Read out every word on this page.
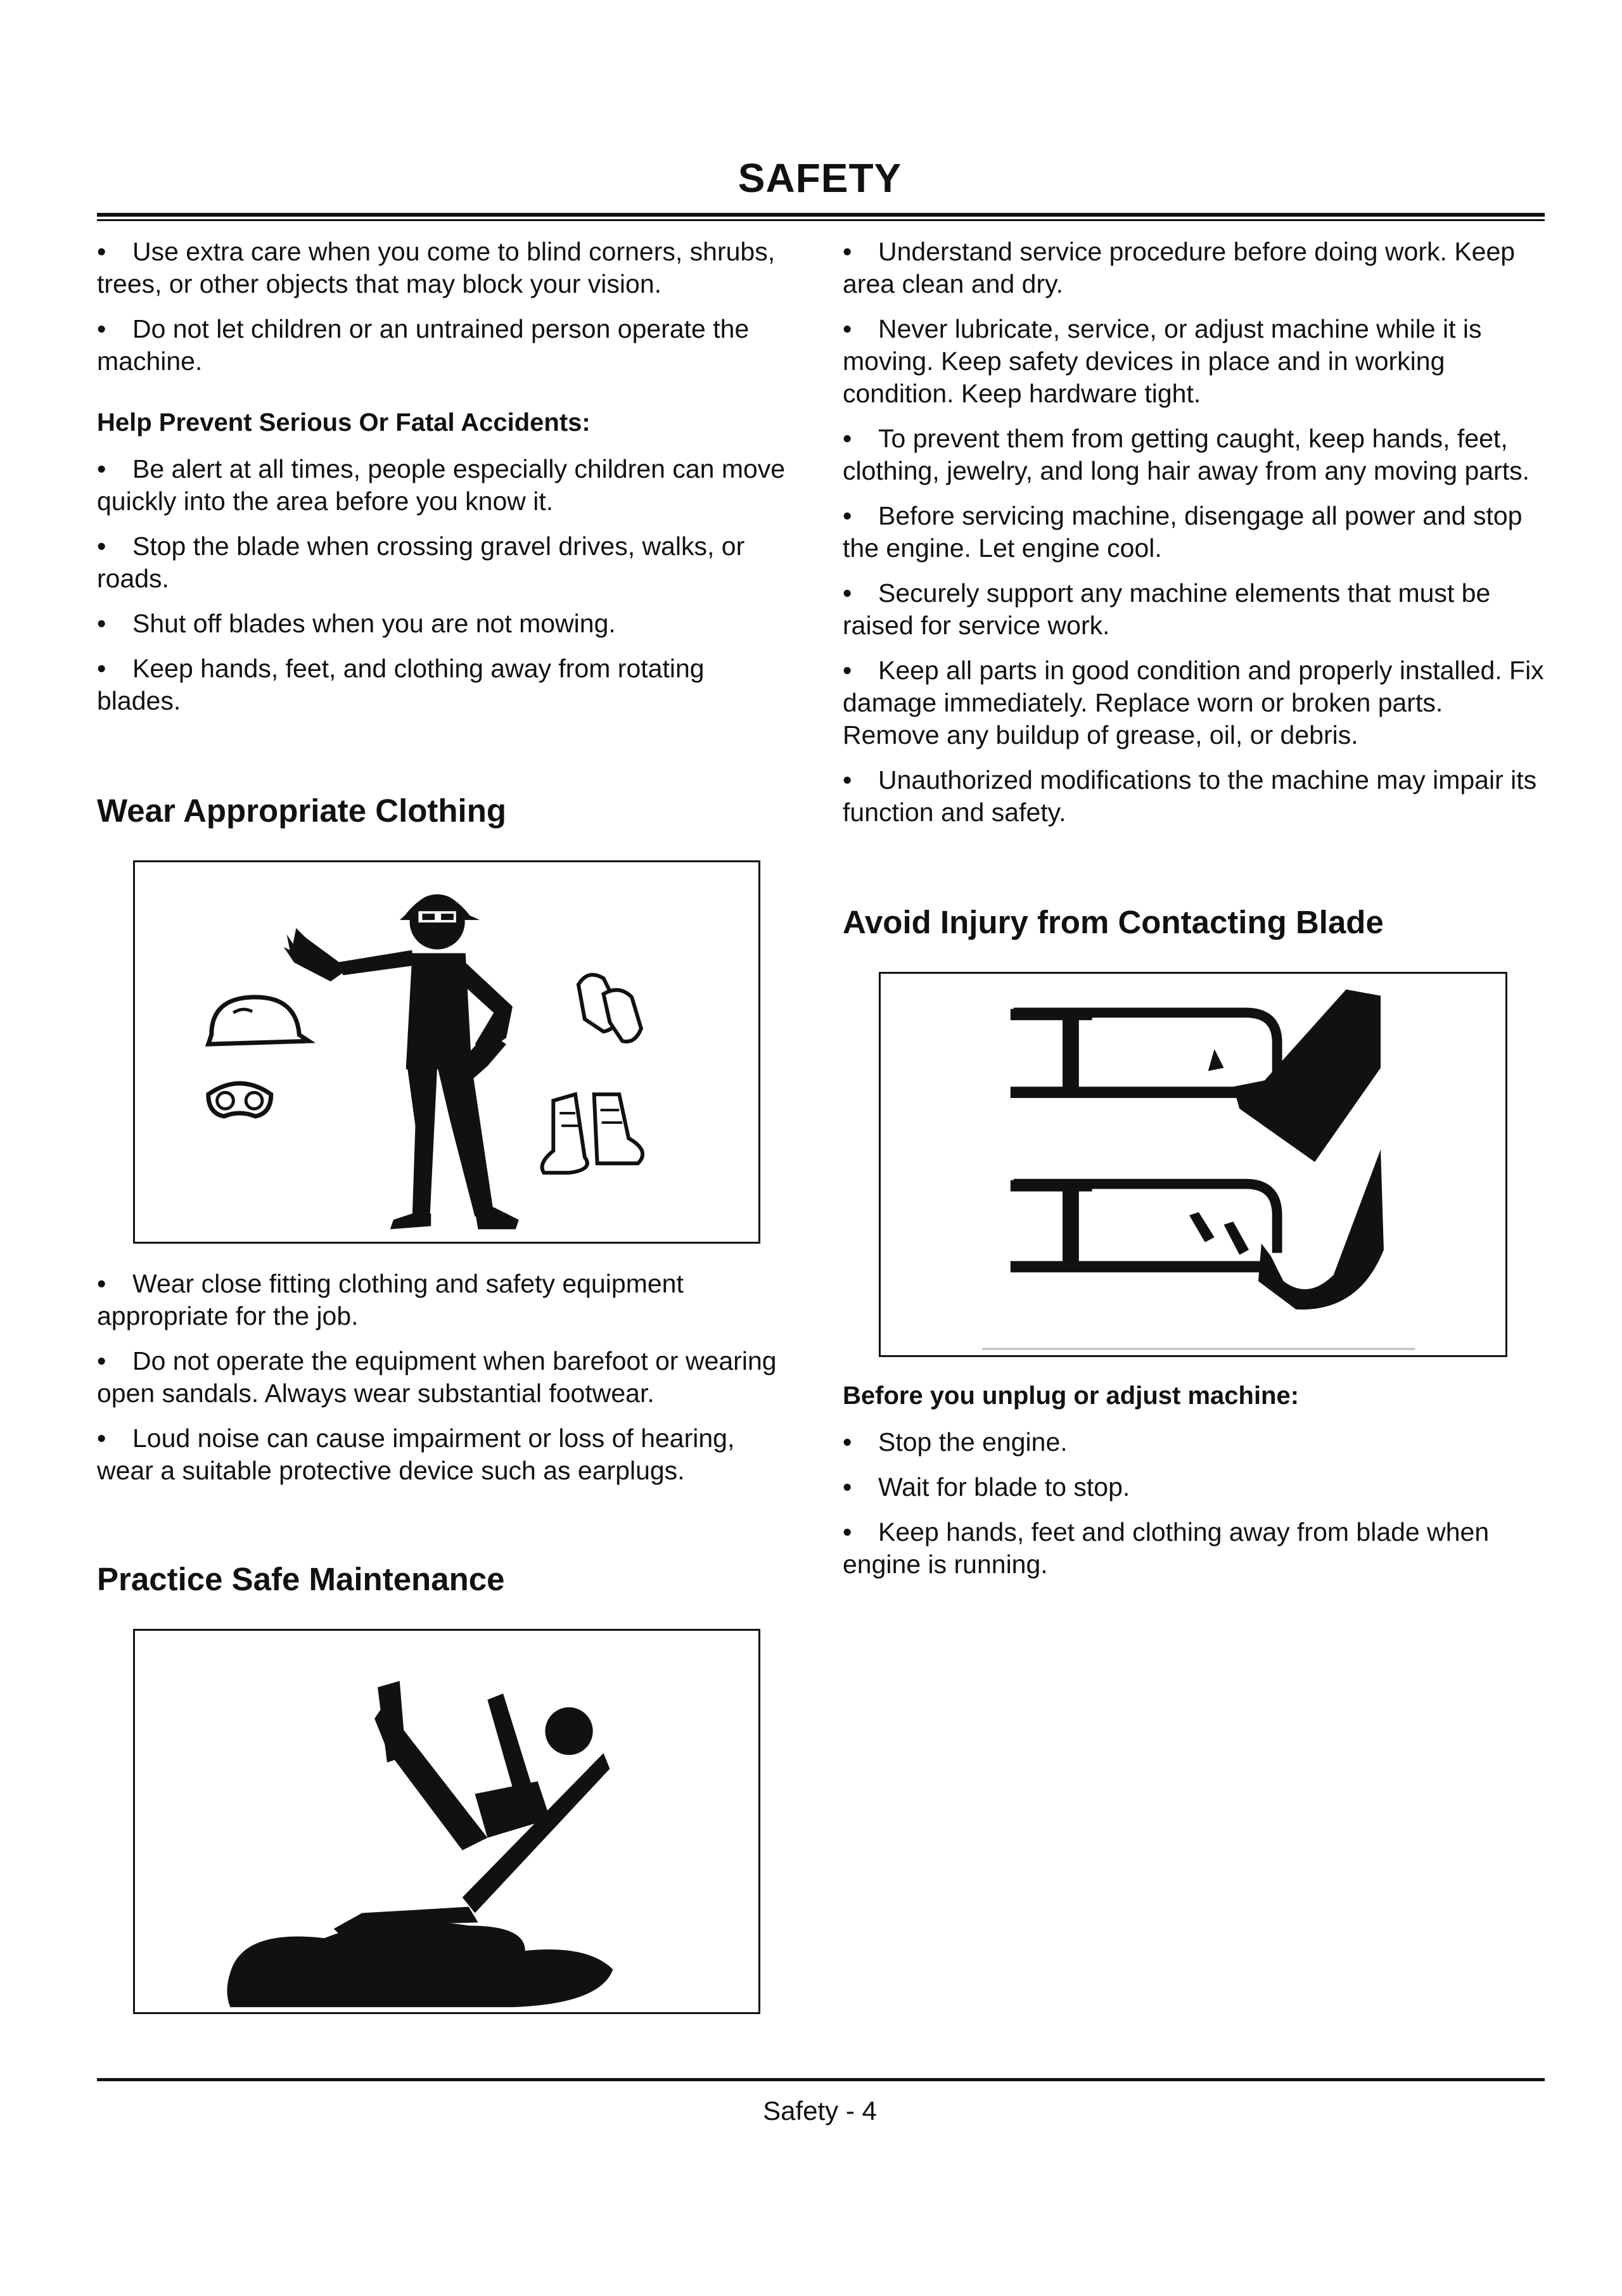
SAFETY

• Use extra care when you come to blind corners, shrubs, trees, or other objects that may block your vision.

• Do not let children or an untrained person operate the machine.

Help Prevent Serious Or Fatal Accidents:

• Be alert at all times, people especially children can move quickly into the area before you know it.

• Stop the blade when crossing gravel drives, walks, or roads.

• Shut off blades when you are not mowing.

• Keep hands, feet, and clothing away from rotating blades.

Wear Appropriate Clothing

• Wear close fitting clothing and safety equipment appropriate for the job.

• Do not operate the equipment when barefoot or wearing open sandals. Always wear substantial footwear.

• Loud noise can cause impairment or loss of hearing, wear a suitable protective device such as earplugs.

Practice Safe Maintenance

• Understand service procedure before doing work. Keep area clean and dry.

• Never lubricate, service, or adjust machine while it is moving. Keep safety devices in place and in working condition. Keep hardware tight.

• To prevent them from getting caught, keep hands, feet, clothing, jewelry, and long hair away from any moving parts.

• Before servicing machine, disengage all power and stop the engine. Let engine cool.

• Securely support any machine elements that must be raised for service work.

• Keep all parts in good condition and properly installed. Fix damage immediately. Replace worn or broken parts. Remove any buildup of grease, oil, or debris.

• Unauthorized modifications to the machine may impair its function and safety.

Avoid Injury from Contacting Blade
Before you unplug or adjust machine:

• Stop the engine.

• Wait for blade to stop.

• Keep hands, feet and clothing away from blade when engine is running.

Safety - 4
